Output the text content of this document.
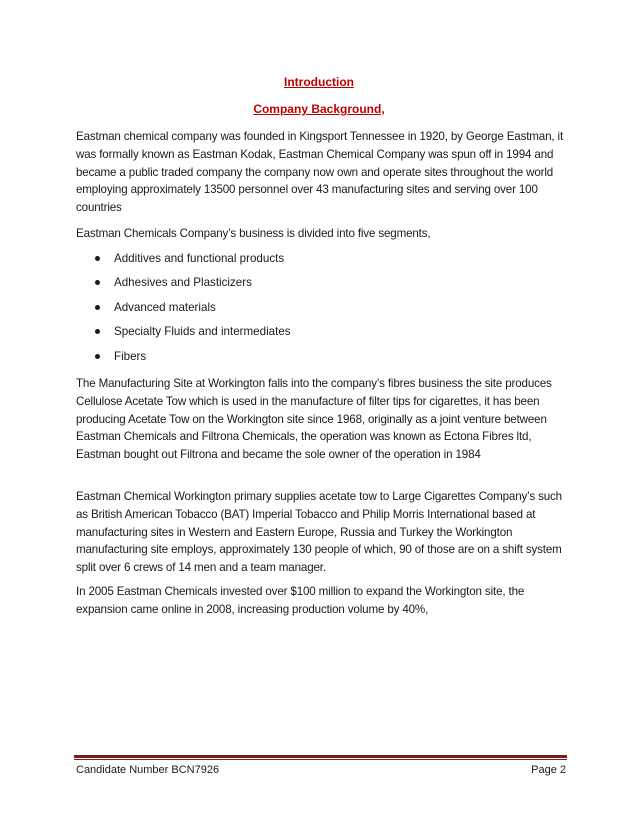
Introduction
Company Background,
Eastman chemical company was founded in Kingsport Tennessee in 1920, by George Eastman, it was formally known as Eastman Kodak, Eastman Chemical Company was spun off in 1994 and became a public traded company the company now own and operate sites throughout the world employing approximately 13500 personnel over 43 manufacturing sites and serving over 100 countries
Eastman Chemicals Company’s business is divided into five segments,
Additives and functional products
Adhesives and Plasticizers
Advanced materials
Specialty Fluids and intermediates
Fibers
The Manufacturing Site at Workington falls into the company’s fibres business the site produces Cellulose Acetate Tow which is used in the manufacture of filter tips for cigarettes, it has been producing Acetate Tow on the Workington site since 1968, originally as a joint venture between Eastman Chemicals and Filtrona Chemicals, the operation was known as Ectona Fibres ltd, Eastman bought out Filtrona and became the sole owner of the operation in 1984
Eastman Chemical Workington primary supplies acetate tow to Large Cigarettes Company’s such as British American Tobacco (BAT) Imperial Tobacco and Philip Morris International based at manufacturing sites in Western and Eastern Europe, Russia and Turkey the Workington manufacturing site employs, approximately 130 people of which, 90 of those are on a shift system split over 6 crews of 14 men and a team manager.
In 2005 Eastman Chemicals invested over $100 million to expand the Workington site, the expansion came online in 2008, increasing production volume by 40%,
Candidate Number BCN7926	Page 2
